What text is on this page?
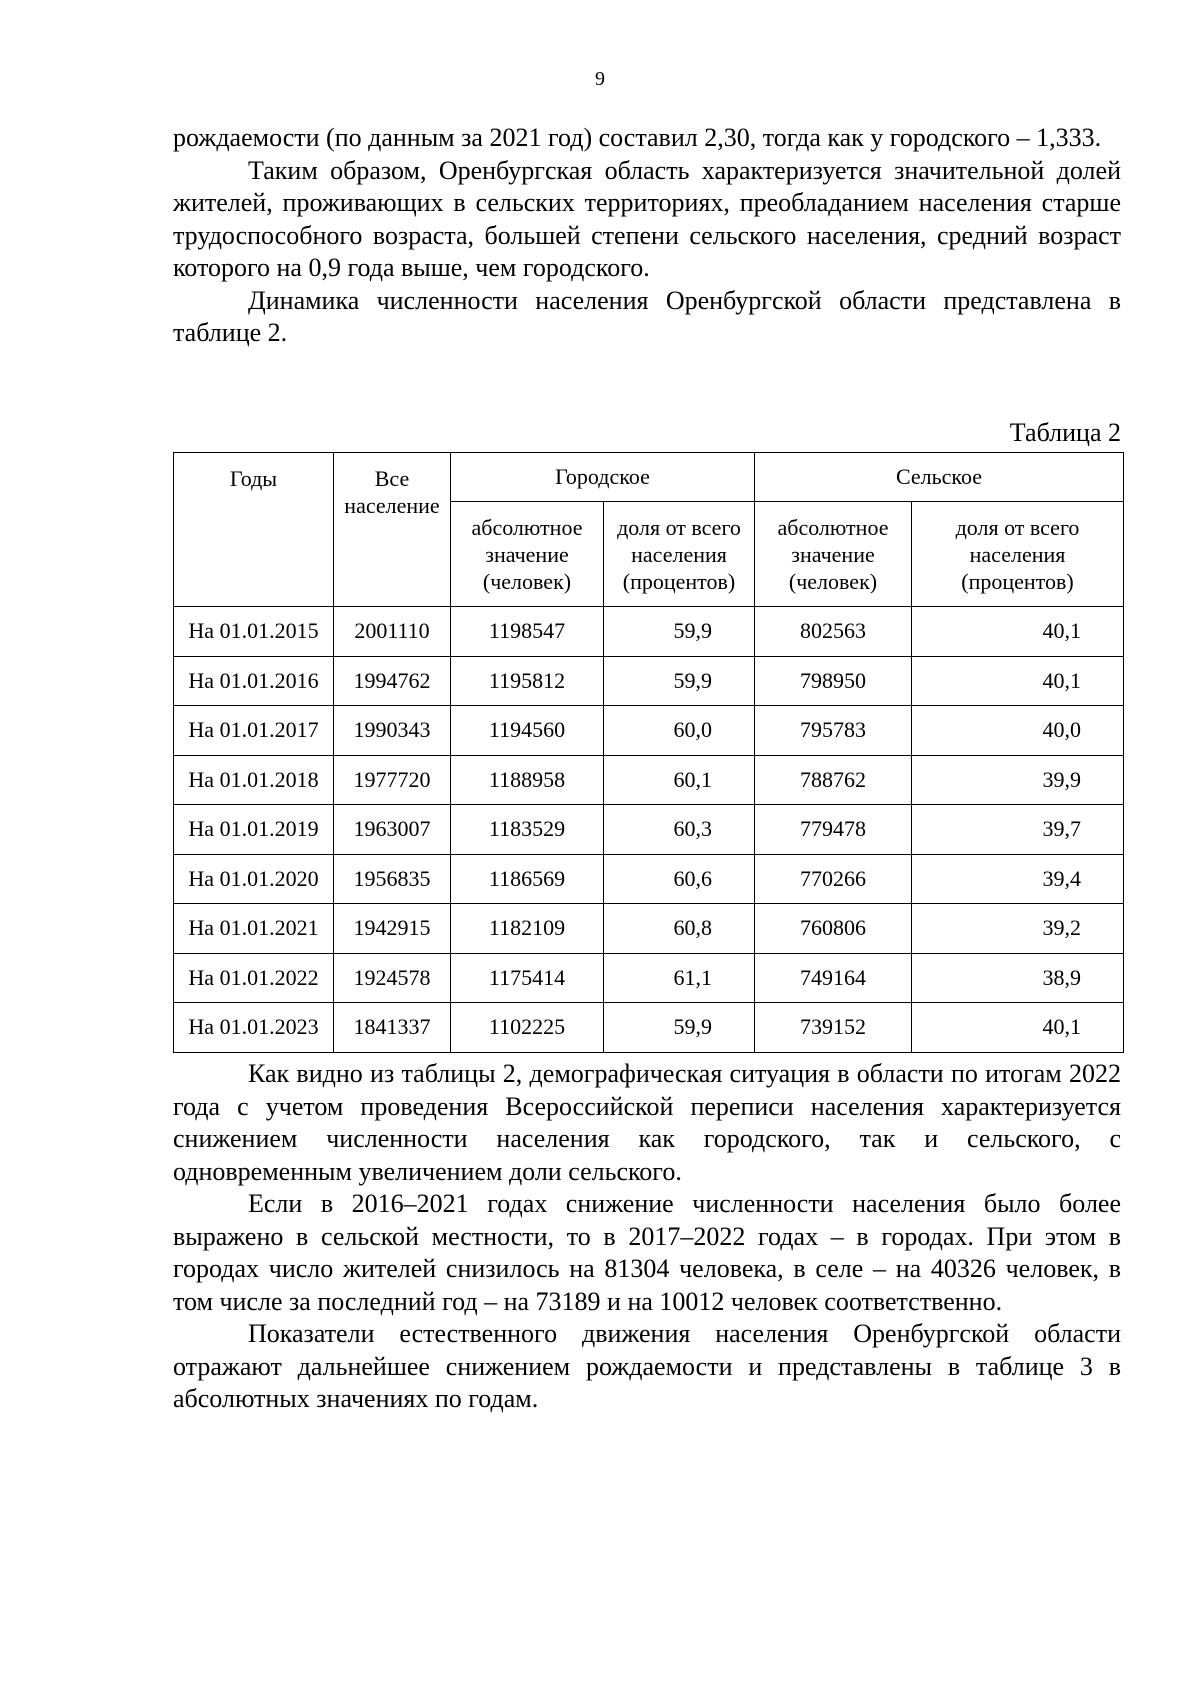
9

рождаемости (по данным за 2021 год) составил 2,30, тогда как у городского – 1,333.

Таким образом, Оренбургская область характеризуется значительной долей жителей, проживающих в сельских территориях, преобладанием населения старше трудоспособного возраста, большей степени сельского населения, средний возраст которого на 0,9 года выше, чем городского.

Динамика численности населения Оренбургской области представлена в таблице 2.

Таблица 2
Годы	Все население	Городское		Сельское	
		абсолютное значение (человек)	доля от всего населения (процентов)	абсолютное значение (человек)	доля от всего населения (процентов)
На 01.01.2015	2001110	1198547	59,9	802563	40,1
На 01.01.2016	1994762	1195812	59,9	798950	40,1
На 01.01.2017	1990343	1194560	60,0	795783	40,0
На 01.01.2018	1977720	1188958	60,1	788762	39,9
На 01.01.2019	1963007	1183529	60,3	779478	39,7
На 01.01.2020	1956835	1186569	60,6	770266	39,4
На 01.01.2021	1942915	1182109	60,8	760806	39,2
На 01.01.2022	1924578	1175414	61,1	749164	38,9
На 01.01.2023	1841337	1102225	59,9	739152	40,1

Как видно из таблицы 2, демографическая ситуация в области по итогам 2022 года с учетом проведения Всероссийской переписи населения характеризуется снижением численности населения как городского, так и сельского, с одновременным увеличением доли сельского.

Если в 2016–2021 годах снижение численности населения было более выражено в сельской местности, то в 2017–2022 годах – в городах. При этом в городах число жителей снизилось на 81304 человека, в селе – на 40326 человек, в том числе за последний год – на 73189 и на 10012 человек соответственно.

Показатели естественного движения населения Оренбургской области отражают дальнейшее снижением рождаемости и представлены в таблице 3 в абсолютных значениях по годам.
